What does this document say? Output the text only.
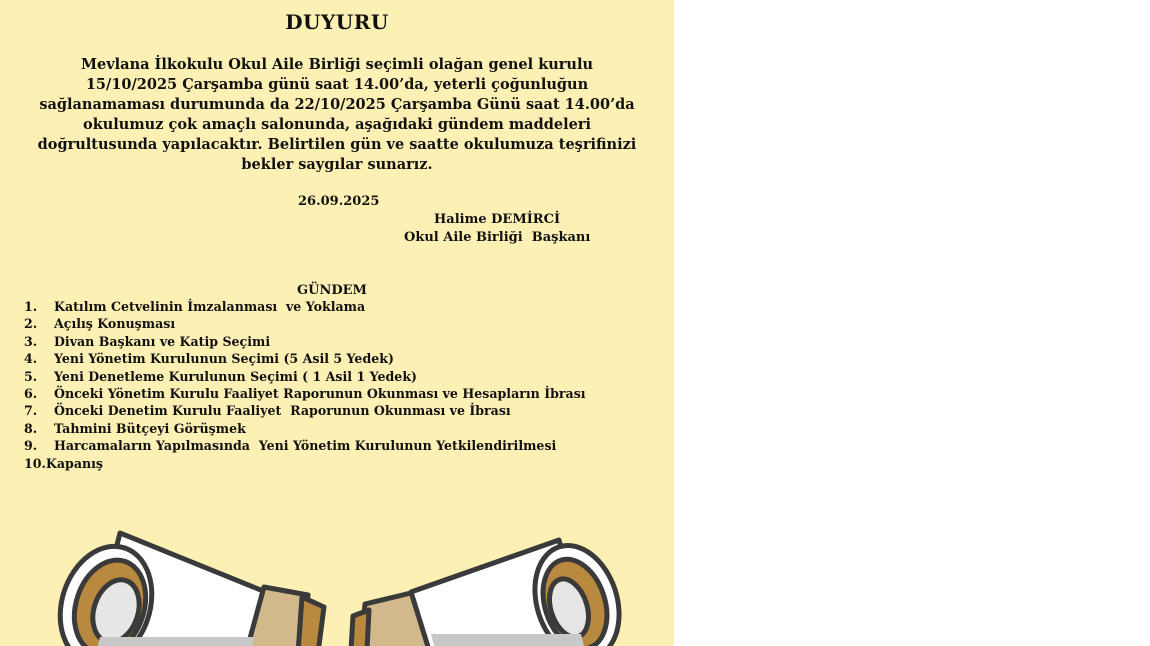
DUYURU
Mevlana İlkokulu Okul Aile Birliği seçimli olağan genel kurulu
15/10/2025 Çarşamba günü saat 14.00’da, yeterli çoğunluğun
sağlanamaması durumunda da 22/10/2025 Çarşamba Günü saat 14.00’da
okulumuz çok amaçlı salonunda, aşağıdaki gündem maddeleri
doğrultusunda yapılacaktır. Belirtilen gün ve saatte okulumuza teşrifinizi
bekler saygılar sunarız.
26.09.2025
Halime DEMİRCİ
Okul Aile Birliği  Başkanı
GÜNDEM
1. Katılım Cetvelinin İmzalanması  ve Yoklama
2. Açılış Konuşması
3. Divan Başkanı ve Katip Seçimi
4. Yeni Yönetim Kurulunun Seçimi (5 Asil 5 Yedek)
5. Yeni Denetleme Kurulunun Seçimi ( 1 Asil 1 Yedek)
6. Önceki Yönetim Kurulu Faaliyet Raporunun Okunması ve Hesapların İbrası
7. Önceki Denetim Kurulu Faaliyet  Raporunun Okunması ve İbrası
8. Tahmini Bütçeyi Görüşmek
9. Harcamaların Yapılmasında  Yeni Yönetim Kurulunun Yetkilendirilmesi
10.Kapanış
